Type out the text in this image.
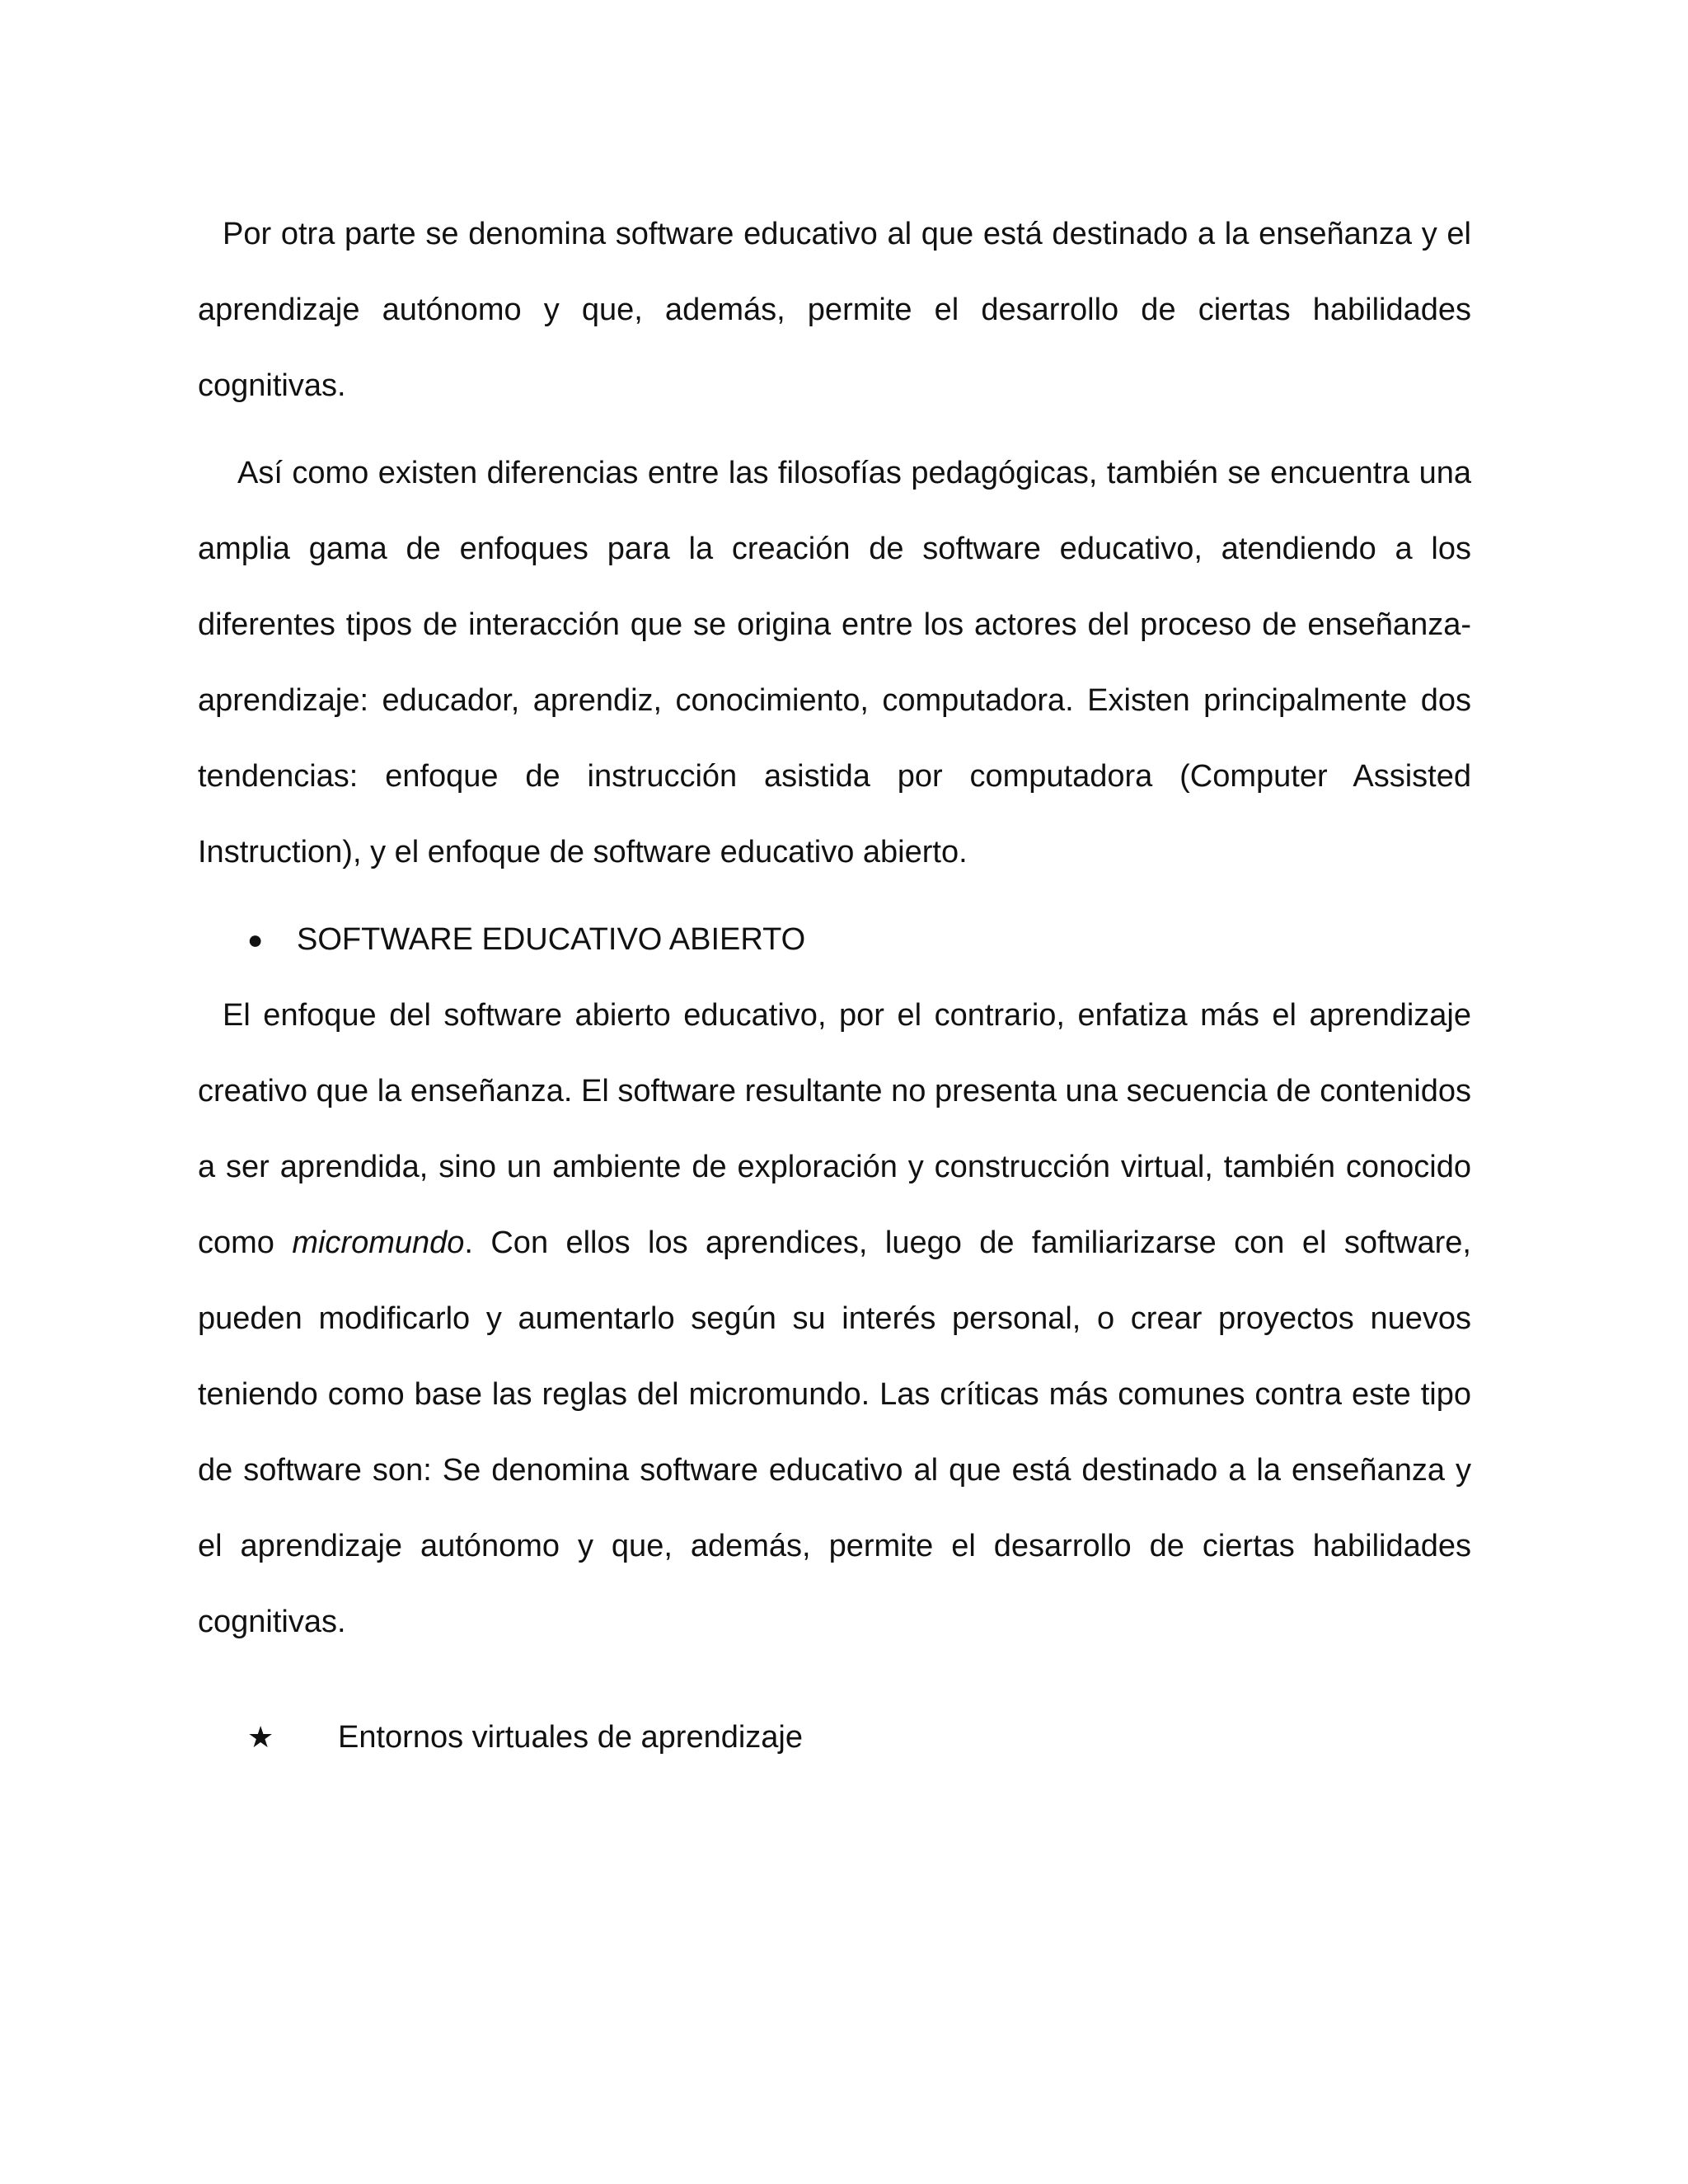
Por otra parte se denomina software educativo al que está destinado a la enseñanza y el aprendizaje autónomo y que, además, permite el desarrollo de ciertas habilidades cognitivas.

Así como existen diferencias entre las filosofías pedagógicas, también se encuentra una amplia gama de enfoques para la creación de software educativo, atendiendo a los diferentes tipos de interacción que se origina entre los actores del proceso de enseñanza-aprendizaje: educador, aprendiz, conocimiento, computadora. Existen principalmente dos tendencias: enfoque de instrucción asistida por computadora (Computer Assisted Instruction), y el enfoque de software educativo abierto.

●	SOFTWARE EDUCATIVO ABIERTO

El enfoque del software abierto educativo, por el contrario, enfatiza más el aprendizaje creativo que la enseñanza. El software resultante no presenta una secuencia de contenidos a ser aprendida, sino un ambiente de exploración y construcción virtual, también conocido como micromundo. Con ellos los aprendices, luego de familiarizarse con el software, pueden modificarlo y aumentarlo según su interés personal, o crear proyectos nuevos teniendo como base las reglas del micromundo. Las críticas más comunes contra este tipo de software son: Se denomina software educativo al que está destinado a la enseñanza y el aprendizaje autónomo y que, además, permite el desarrollo de ciertas habilidades cognitivas.

★	Entornos virtuales de aprendizaje
